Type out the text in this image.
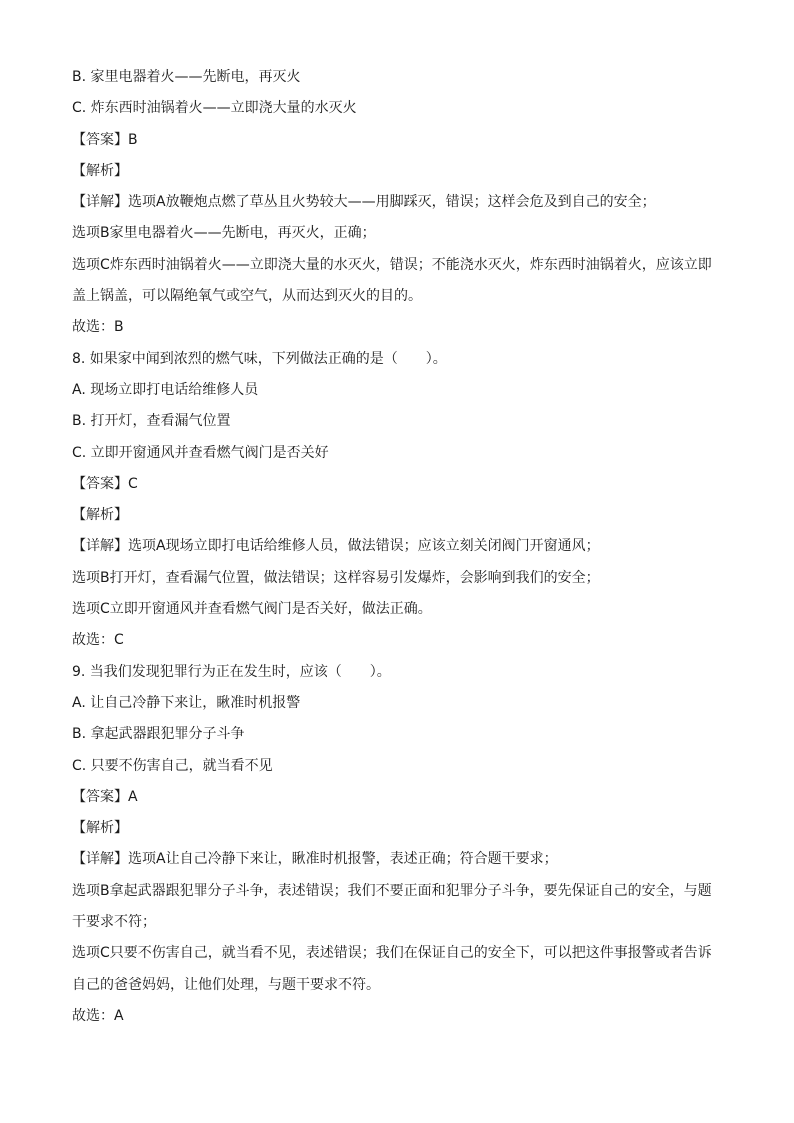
B. 家里电器着火——先断电，再灭火
C. 炸东西时油锅着火——立即浇大量的水灭火
【答案】B
【解析】
【详解】选项A放鞭炮点燃了草丛且火势较大——用脚踩灭，错误；这样会危及到自己的安全；
选项B家里电器着火——先断电，再灭火，正确；
选项C炸东西时油锅着火——立即浇大量的水灭火，错误；不能浇水灭火，炸东西时油锅着火，应该立即
盖上锅盖，可以隔绝氧气或空气，从而达到灭火的目的。
故选：B
8. 如果家中闻到浓烈的燃气味，下列做法正确的是（　　）。
A. 现场立即打电话给维修人员
B. 打开灯，查看漏气位置
C. 立即开窗通风并查看燃气阀门是否关好
【答案】C
【解析】
【详解】选项A现场立即打电话给维修人员，做法错误；应该立刻关闭阀门开窗通风；
选项B打开灯，查看漏气位置，做法错误；这样容易引发爆炸，会影响到我们的安全；
选项C立即开窗通风并查看燃气阀门是否关好，做法正确。
故选：C
9. 当我们发现犯罪行为正在发生时，应该（　　）。
A. 让自己冷静下来让，瞅准时机报警
B. 拿起武器跟犯罪分子斗争
C. 只要不伤害自己，就当看不见
【答案】A
【解析】
【详解】选项A让自己冷静下来让，瞅准时机报警，表述正确；符合题干要求；
选项B拿起武器跟犯罪分子斗争，表述错误；我们不要正面和犯罪分子斗争，要先保证自己的安全，与题
干要求不符；
选项C只要不伤害自己，就当看不见，表述错误；我们在保证自己的安全下，可以把这件事报警或者告诉
自己的爸爸妈妈，让他们处理，与题干要求不符。
故选：A
